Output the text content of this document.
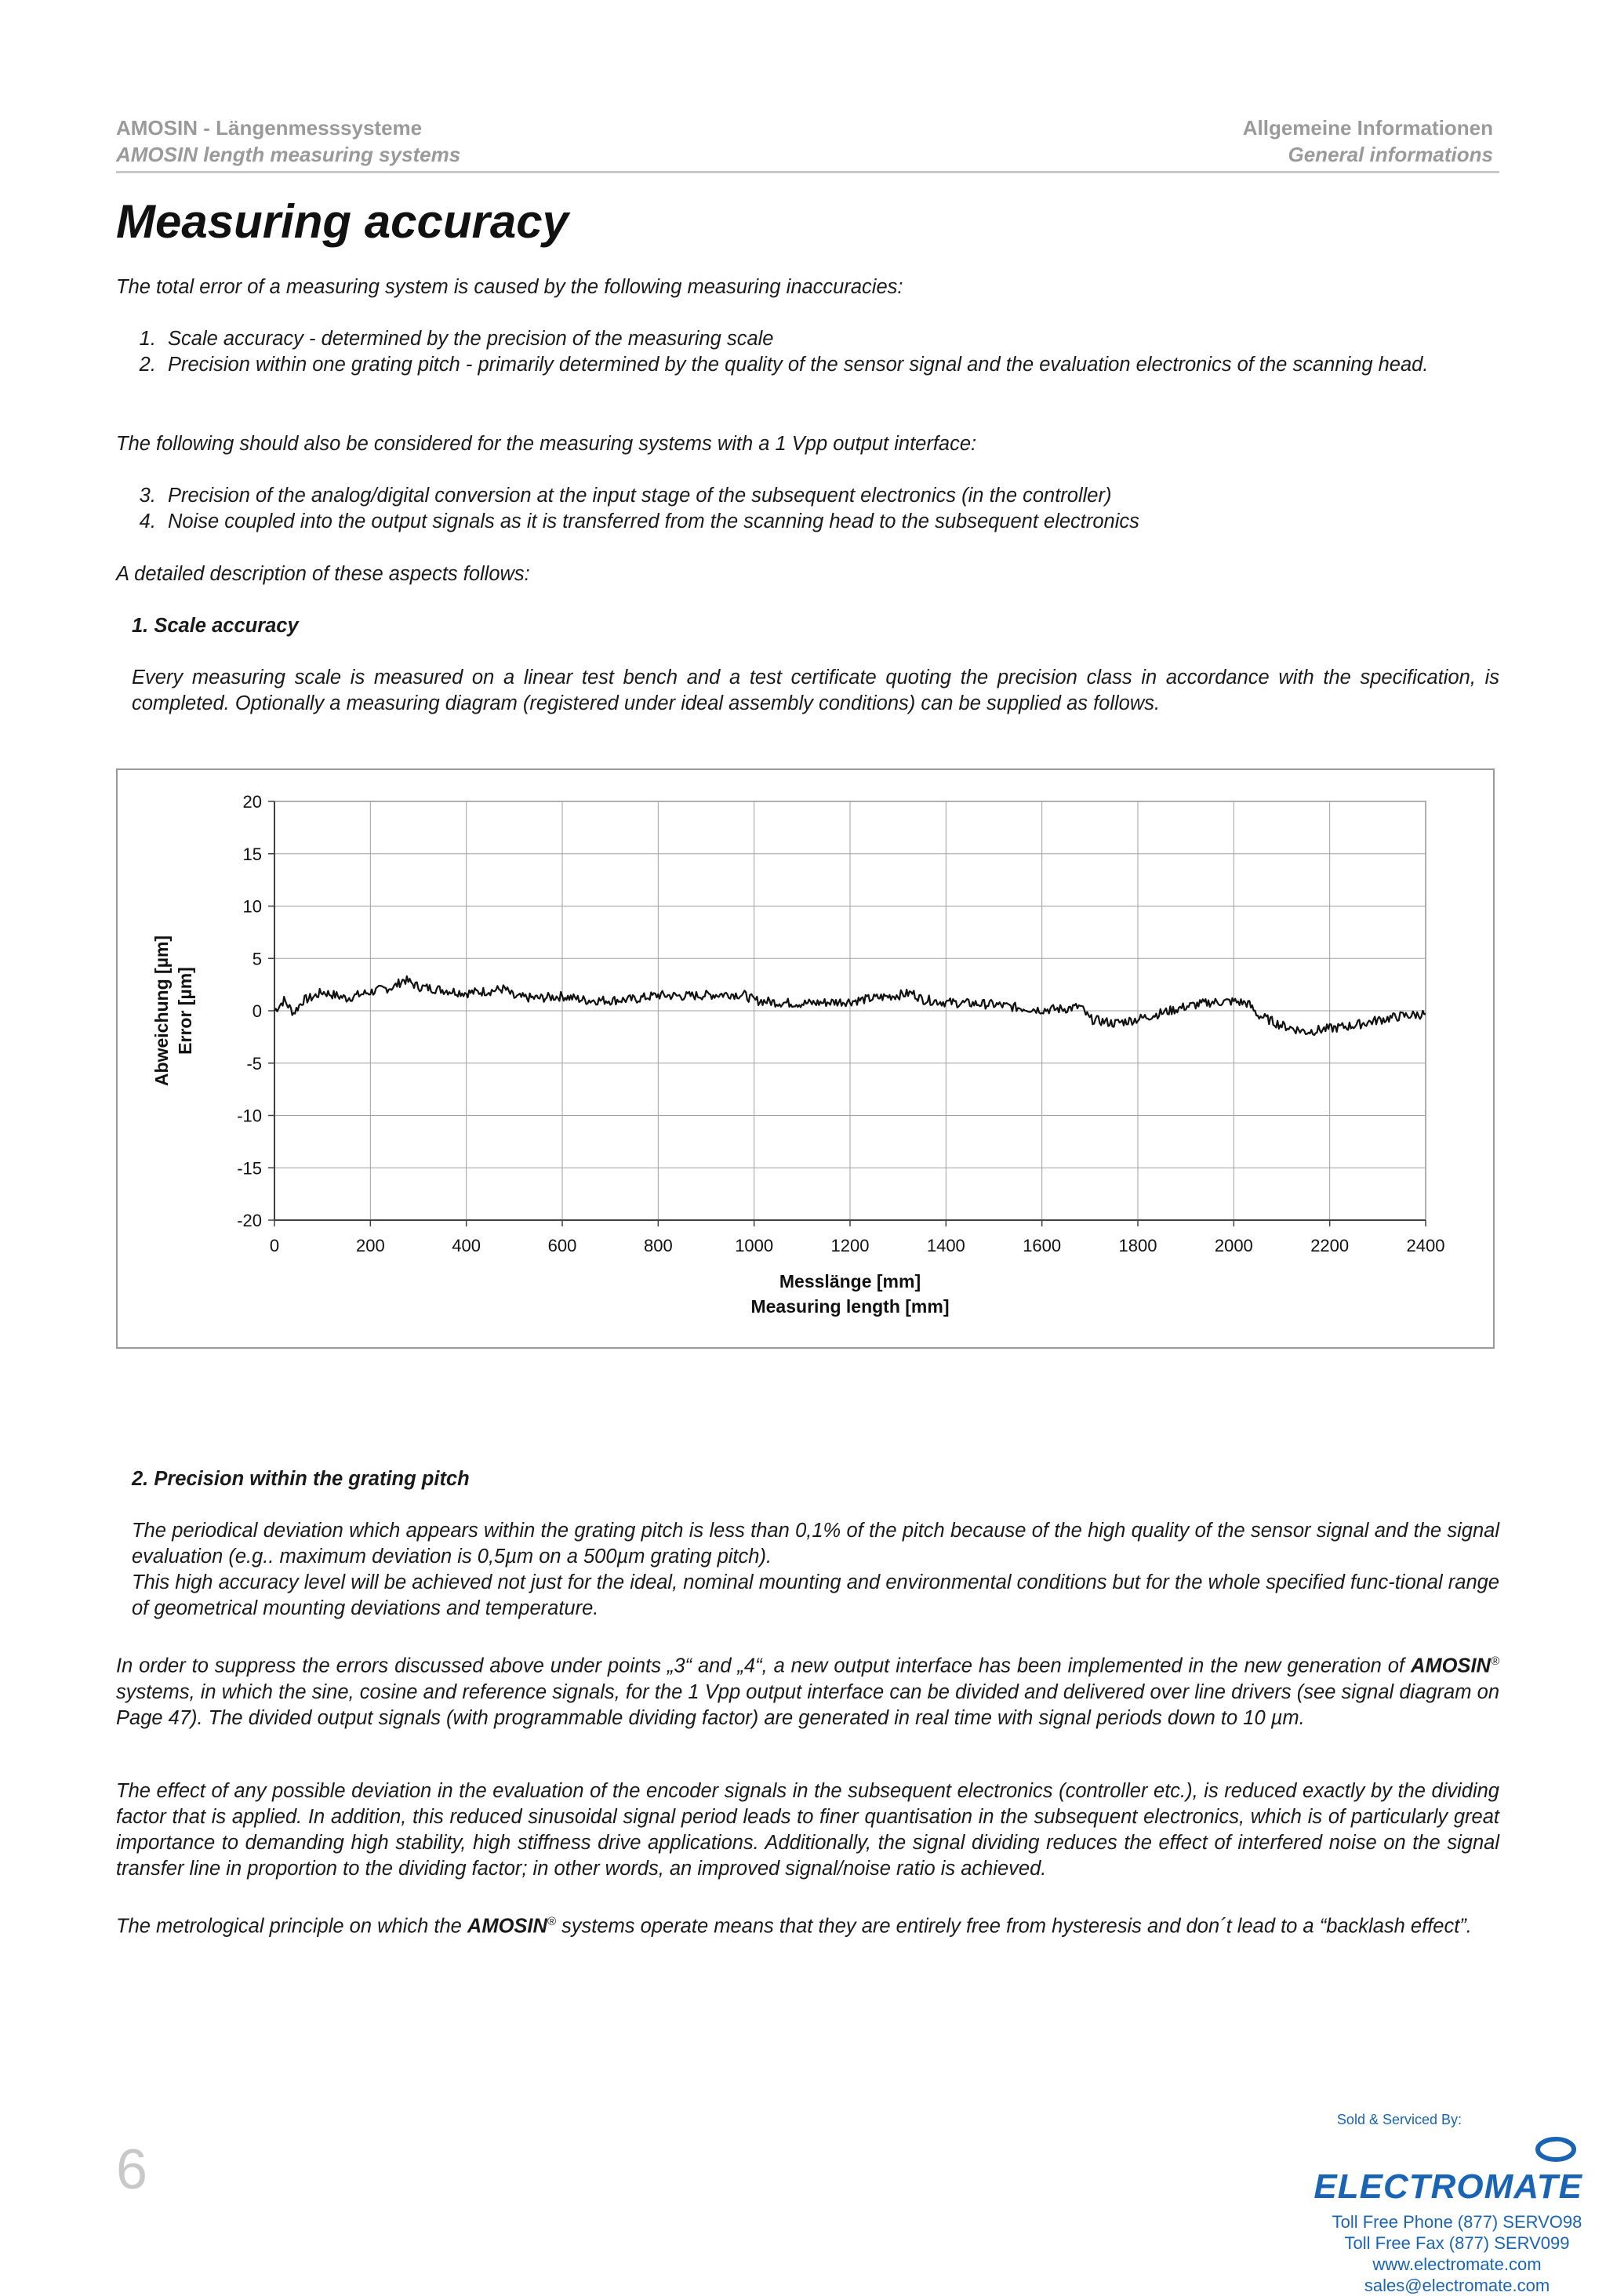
AMOSIN - Längenmesssysteme
AMOSIN length measuring systems
Allgemeine Informationen
General informations
Measuring accuracy
The total error of a measuring system is caused by the following measuring inaccuracies:
1. Scale accuracy - determined by the precision of the measuring scale
2. Precision within one grating pitch - primarily determined by the quality of the sensor signal and the evaluation electronics of the scanning head.
The following should also be considered for the measuring systems with a 1 Vpp output interface:
3. Precision of the analog/digital conversion at the input stage of the subsequent electronics (in the controller)
4. Noise coupled into the output signals as it is transferred from the scanning head to the subsequent electronics
A detailed description of these aspects follows:
1. Scale accuracy
Every measuring scale is measured on a linear test bench and a test certificate quoting the precision class in accordance with the specification, is completed. Optionally a measuring diagram (registered under ideal assembly conditions) can be supplied as follows.
20
15
10
5
0
-5
-10
-15
-20
0	200	400	600	800	1000	1200	1400	1600	1800	2000	2200	2400
Messlänge [mm]
Measuring length [mm]
Abweichung [µm] Error [µm]
2. Precision within the grating pitch
The periodical deviation which appears within the grating pitch is less than 0,1% of the pitch because of the high quality of the sensor signal and the signal evaluation (e.g.. maximum deviation is 0,5µm on a 500µm grating pitch).
This high accuracy level will be achieved not just for the ideal, nominal mounting and environmental conditions but for the whole specified func-tional range of geometrical mounting deviations and temperature.
In order to suppress the errors discussed above under points „3“ and „4“, a new output interface has been implemented in the new generation of AMOSIN® systems, in which the sine, cosine and reference signals, for the 1 Vpp output interface can be divided and delivered over line drivers (see signal diagram on Page 47). The divided output signals (with programmable dividing factor) are generated in real time with signal periods down to 10 µm.
The effect of any possible deviation in the evaluation of the encoder signals in the subsequent electronics (controller etc.), is reduced exactly by the dividing factor that is applied. In addition, this reduced sinusoidal signal period leads to finer quantisation in the subsequent electronics, which is of particularly great importance to demanding high stability, high stiffness drive applications. Additionally, the signal dividing reduces the effect of interfered noise on the signal transfer line in proportion to the dividing factor; in other words, an improved signal/noise ratio is achieved.
The metrological principle on which the AMOSIN® systems operate means that they are entirely free from hysteresis and don´t lead to a “backlash effect”.
6
Sold & Serviced By:
ELECTROMATE
Toll Free Phone (877) SERVO98
Toll Free Fax (877) SERV099
www.electromate.com
sales@electromate.com
